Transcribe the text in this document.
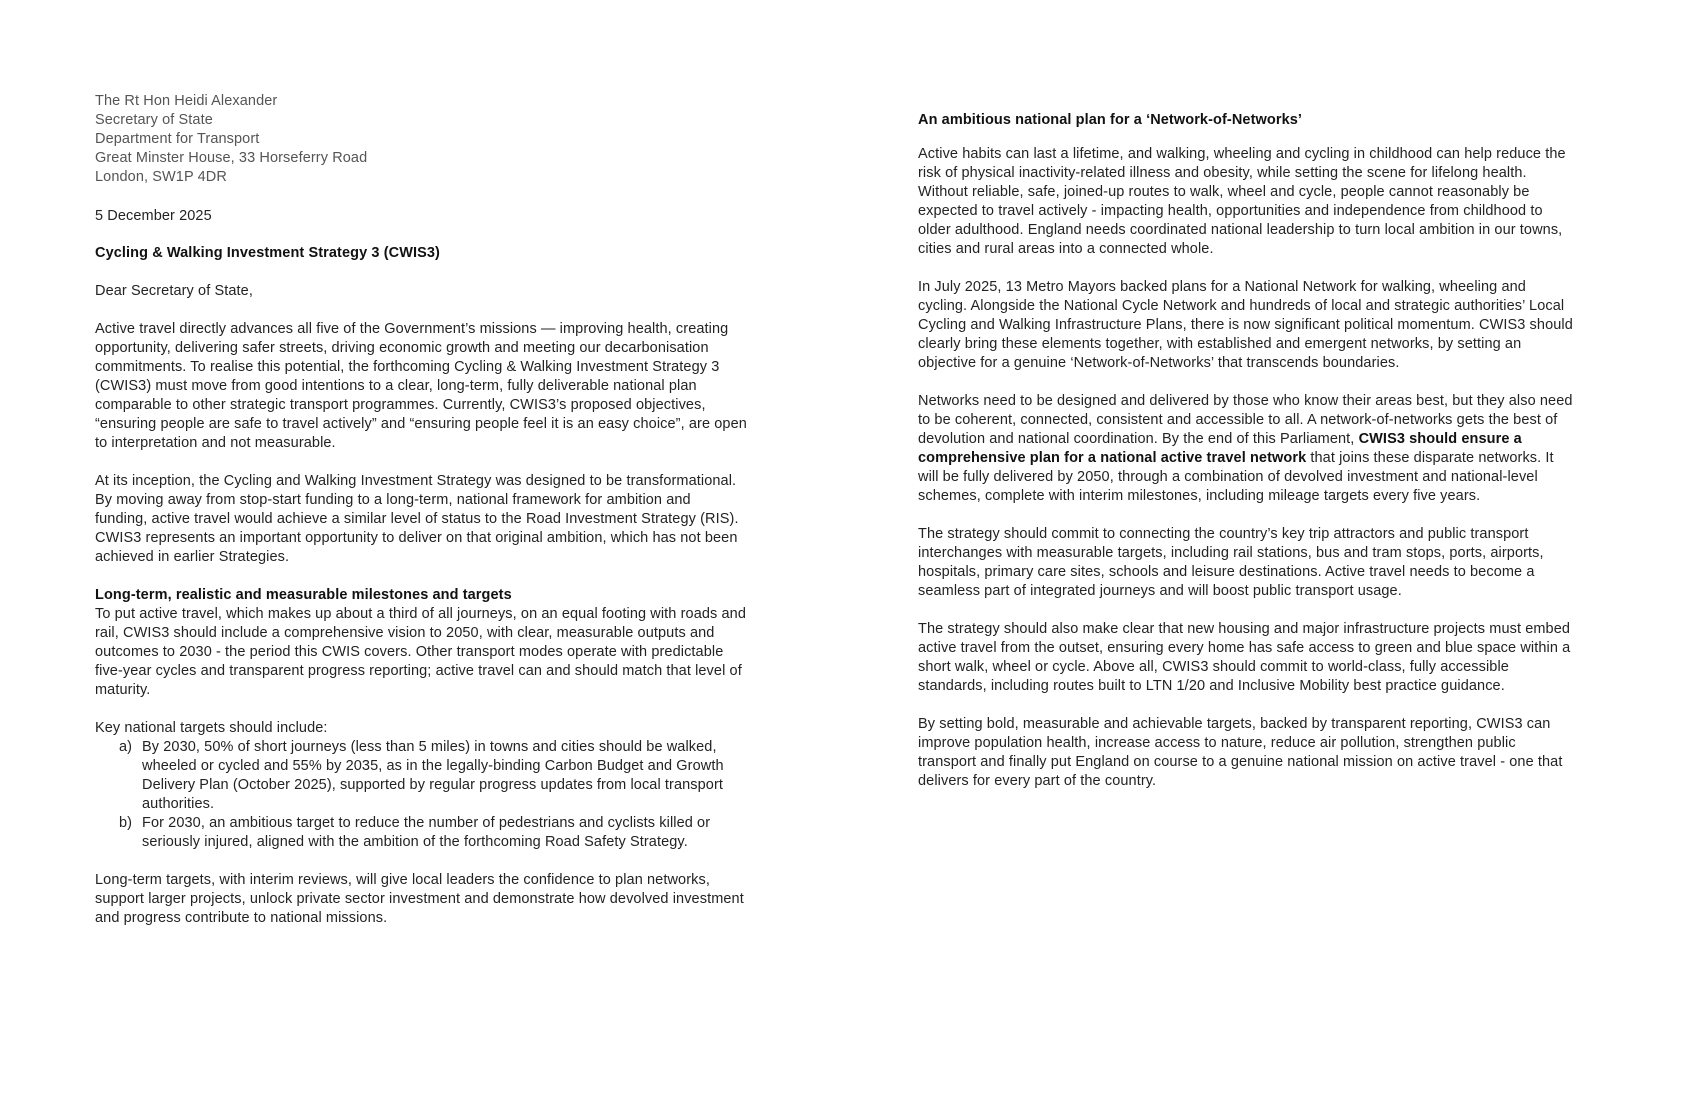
The Rt Hon Heidi Alexander
Secretary of State
Department for Transport
Great Minster House, 33 Horseferry Road
London, SW1P 4DR

5 December 2025

Cycling & Walking Investment Strategy 3 (CWIS3)

Dear Secretary of State,

Active travel directly advances all five of the Government’s missions — improving health, creating opportunity, delivering safer streets, driving economic growth and meeting our decarbonisation commitments. To realise this potential, the forthcoming Cycling & Walking Investment Strategy 3 (CWIS3) must move from good intentions to a clear, long-term, fully deliverable national plan comparable to other strategic transport programmes. Currently, CWIS3’s proposed objectives, “ensuring people are safe to travel actively” and “ensuring people feel it is an easy choice”, are open to interpretation and not measurable.

At its inception, the Cycling and Walking Investment Strategy was designed to be transformational. By moving away from stop-start funding to a long-term, national framework for ambition and funding, active travel would achieve a similar level of status to the Road Investment Strategy (RIS). CWIS3 represents an important opportunity to deliver on that original ambition, which has not been achieved in earlier Strategies.

Long-term, realistic and measurable milestones and targets

To put active travel, which makes up about a third of all journeys, on an equal footing with roads and rail, CWIS3 should include a comprehensive vision to 2050, with clear, measurable outputs and outcomes to 2030 - the period this CWIS covers. Other transport modes operate with predictable five-year cycles and transparent progress reporting; active travel can and should match that level of maturity.

Key national targets should include:

a) By 2030, 50% of short journeys (less than 5 miles) in towns and cities should be walked, wheeled or cycled and 55% by 2035, as in the legally-binding Carbon Budget and Growth Delivery Plan (October 2025), supported by regular progress updates from local transport authorities.
b) For 2030, an ambitious target to reduce the number of pedestrians and cyclists killed or seriously injured, aligned with the ambition of the forthcoming Road Safety Strategy.

Long-term targets, with interim reviews, will give local leaders the confidence to plan networks, support larger projects, unlock private sector investment and demonstrate how devolved investment and progress contribute to national missions.

An ambitious national plan for a ‘Network-of-Networks’

Active habits can last a lifetime, and walking, wheeling and cycling in childhood can help reduce the risk of physical inactivity-related illness and obesity, while setting the scene for lifelong health. Without reliable, safe, joined-up routes to walk, wheel and cycle, people cannot reasonably be expected to travel actively - impacting health, opportunities and independence from childhood to older adulthood. England needs coordinated national leadership to turn local ambition in our towns, cities and rural areas into a connected whole.

In July 2025, 13 Metro Mayors backed plans for a National Network for walking, wheeling and cycling. Alongside the National Cycle Network and hundreds of local and strategic authorities’ Local Cycling and Walking Infrastructure Plans, there is now significant political momentum. CWIS3 should clearly bring these elements together, with established and emergent networks, by setting an objective for a genuine ‘Network-of-Networks’ that transcends boundaries.

Networks need to be designed and delivered by those who know their areas best, but they also need to be coherent, connected, consistent and accessible to all. A network-of-networks gets the best of devolution and national coordination. By the end of this Parliament, CWIS3 should ensure a comprehensive plan for a national active travel network that joins these disparate networks. It will be fully delivered by 2050, through a combination of devolved investment and national-level schemes, complete with interim milestones, including mileage targets every five years.

The strategy should commit to connecting the country’s key trip attractors and public transport interchanges with measurable targets, including rail stations, bus and tram stops, ports, airports, hospitals, primary care sites, schools and leisure destinations. Active travel needs to become a seamless part of integrated journeys and will boost public transport usage.

The strategy should also make clear that new housing and major infrastructure projects must embed active travel from the outset, ensuring every home has safe access to green and blue space within a short walk, wheel or cycle. Above all, CWIS3 should commit to world-class, fully accessible standards, including routes built to LTN 1/20 and Inclusive Mobility best practice guidance.

By setting bold, measurable and achievable targets, backed by transparent reporting, CWIS3 can improve population health, increase access to nature, reduce air pollution, strengthen public transport and finally put England on course to a genuine national mission on active travel - one that delivers for every part of the country.
